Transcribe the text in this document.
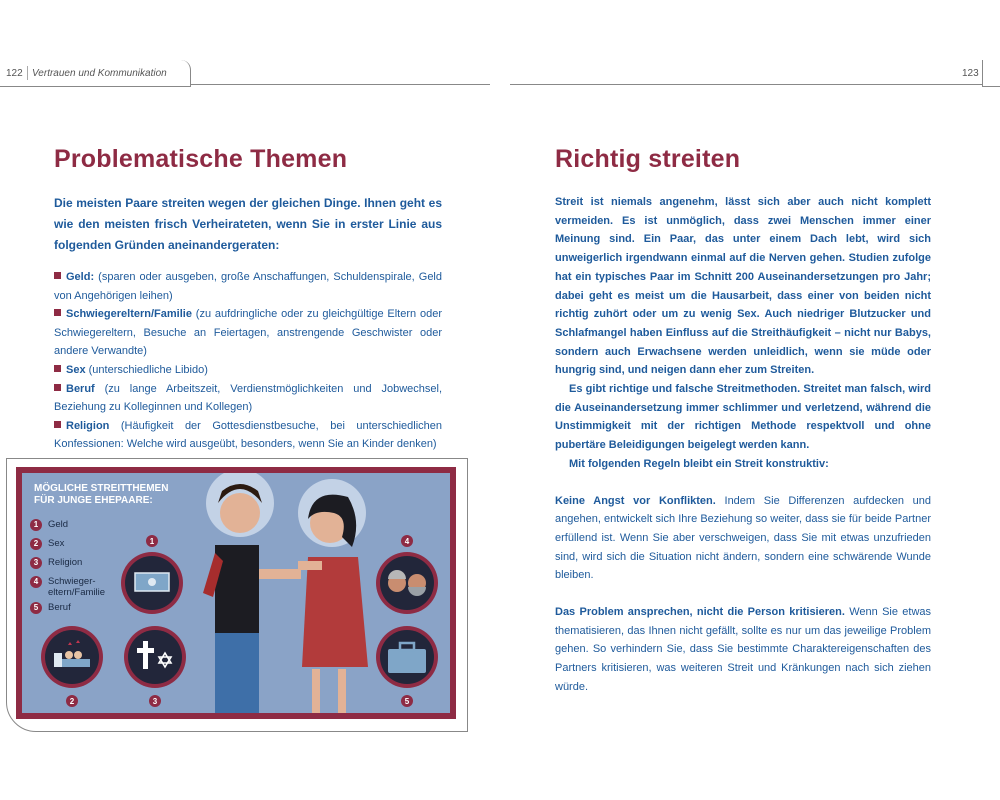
122 Vertrauen und Kommunikation
Problematische Themen
Die meisten Paare streiten wegen der gleichen Dinge. Ihnen geht es wie den meisten frisch Verheirateten, wenn Sie in erster Linie aus folgenden Gründen aneinandergeraten:

Geld: (sparen oder ausgeben, große Anschaffungen, Schuldenspirale, Geld von Angehörigen leihen)

Schwiegereltern/Familie (zu aufdringliche oder zu gleichgültige Eltern oder Schwiegereltern, Besuche an Feiertagen, anstrengende Geschwister oder andere Verwandte)

Sex (unterschiedliche Libido)

Beruf (zu lange Arbeitszeit, Verdienstmöglichkeiten und Jobwechsel, Beziehung zu Kolleginnen und Kollegen)

Religion (Häufigkeit der Gottesdienstbesuche, bei unterschiedlichen Konfessionen: Welche wird ausgeübt, besonders, wenn Sie an Kinder denken)

MÖGLICHE STREITTHEMEN
FÜR JUNGE EHEPAARE:
1 Geld
2 Sex
3 Religion
4 Schwieger-
eltern/Familie
5 Beruf
1
2	3
4
5
123
Richtig streiten

Streit ist niemals angenehm, lässt sich aber auch nicht komplett vermeiden. Es ist unmöglich, dass zwei Menschen immer einer Meinung sind. Ein Paar, das unter einem Dach lebt, wird sich unweigerlich irgendwann einmal auf die Nerven gehen. Studien zufolge hat ein typisches Paar im Schnitt 200 Auseinandersetzungen pro Jahr; dabei geht es meist um die Hausarbeit, dass einer von beiden nicht richtig zuhört oder um zu wenig Sex. Auch niedriger Blutzucker und Schlafmangel haben Einfluss auf die Streithäufigkeit – nicht nur Babys, sondern auch Erwachsene werden unleidlich, wenn sie müde oder hungrig sind, und neigen dann eher zum Streiten.

Es gibt richtige und falsche Streitmethoden. Streitet man falsch, wird die Auseinandersetzung immer schlimmer und verletzend, während die Unstimmigkeit mit der richtigen Methode respektvoll und ohne pubertäre Beleidigungen beigelegt werden kann.

Mit folgenden Regeln bleibt ein Streit konstruktiv:

Keine Angst vor Konflikten. Indem Sie Differenzen aufdecken und angehen, entwickelt sich Ihre Beziehung so weiter, dass sie für beide Partner erfüllend ist. Wenn Sie aber verschweigen, dass Sie mit etwas unzufrieden sind, wird sich die Situation nicht ändern, sondern eine schwärende Wunde bleiben.

Das Problem ansprechen, nicht die Person kritisieren. Wenn Sie etwas thematisieren, das Ihnen nicht gefällt, sollte es nur um das jeweilige Problem gehen. So verhindern Sie, dass Sie bestimmte Charaktereigenschaften des Partners kritisieren, was weiteren Streit und Kränkungen nach sich ziehen würde.
